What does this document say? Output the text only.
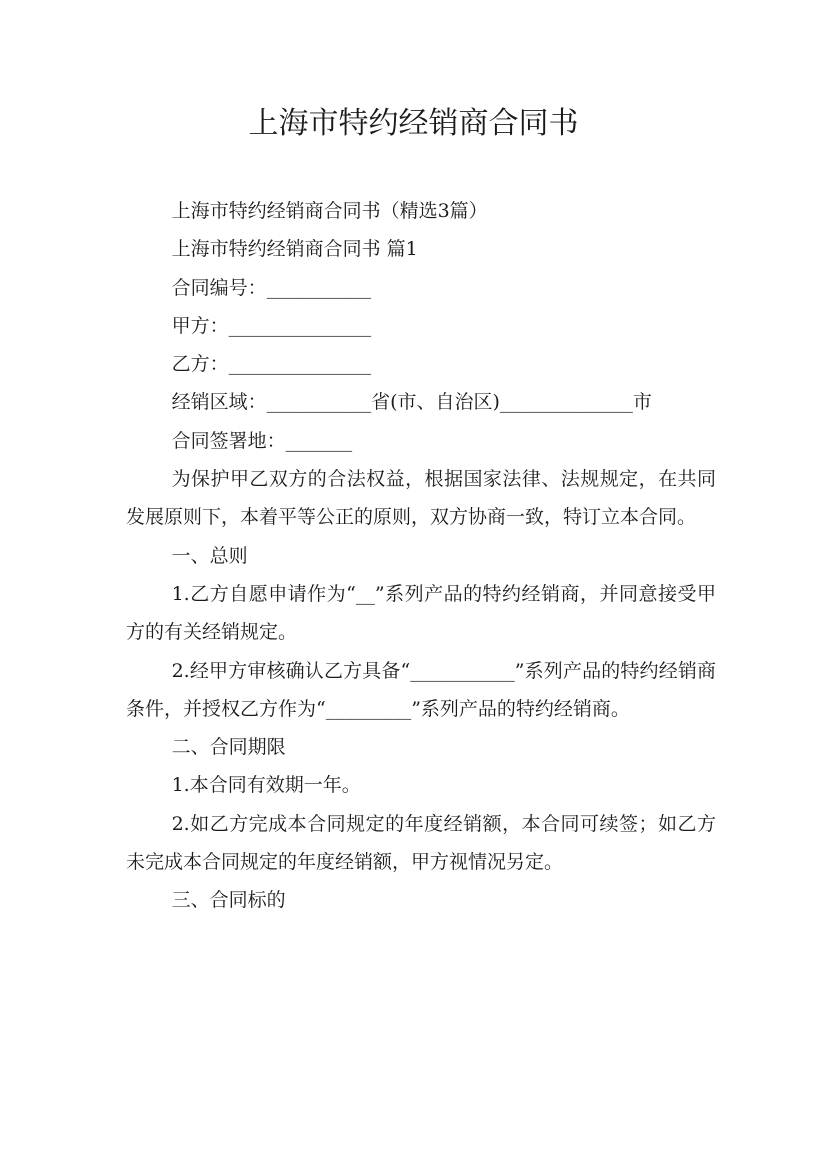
上海市特约经销商合同书

上海市特约经销商合同书（精选3篇）

上海市特约经销商合同书 篇1

合同编号：___________

甲方：_______________

乙方：_______________

经销区域：___________省(市、自治区)______________市

合同签署地：_______

为保护甲乙双方的合法权益，根据国家法律、法规规定，在共同发展原则下，本着平等公正的原则，双方协商一致，特订立本合同。

一、总则

1.乙方自愿申请作为“__”系列产品的特约经销商，并同意接受甲方的有关经销规定。

2.经甲方审核确认乙方具备“___________”系列产品的特约经销商条件，并授权乙方作为“_________”系列产品的特约经销商。

二、合同期限

1.本合同有效期一年。

2.如乙方完成本合同规定的年度经销额，本合同可续签；如乙方未完成本合同规定的年度经销额，甲方视情况另定。

三、合同标的
